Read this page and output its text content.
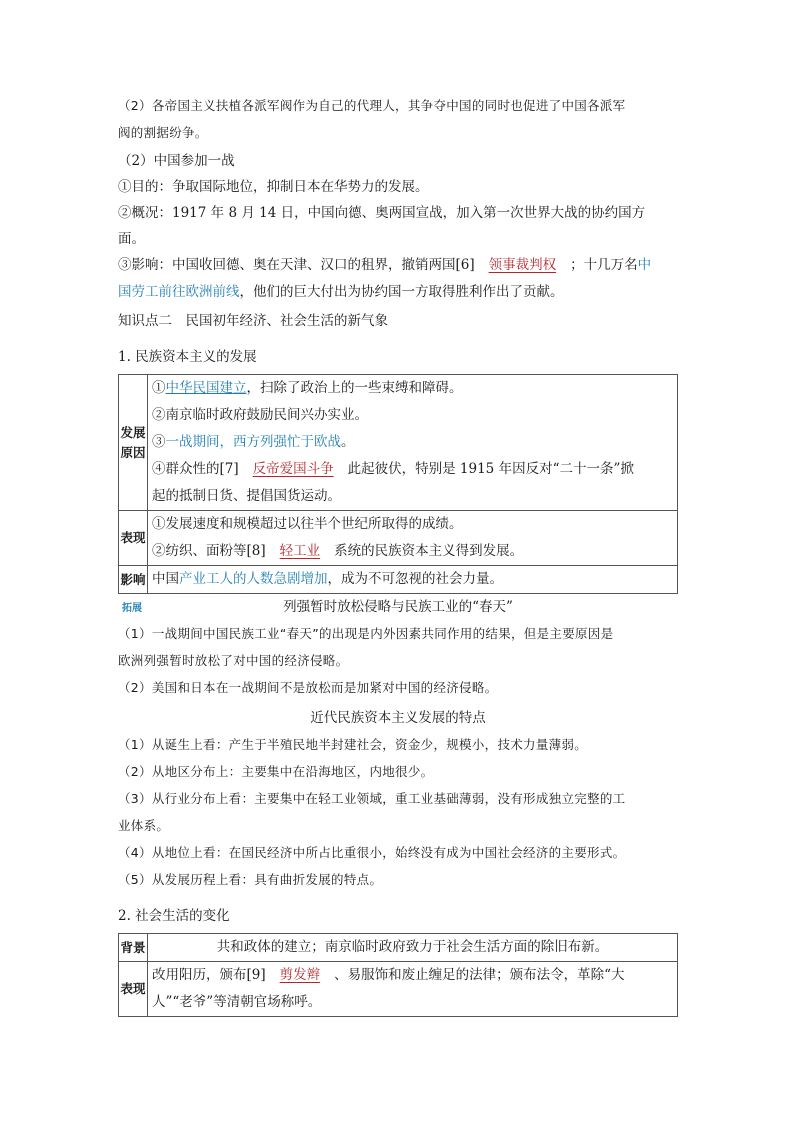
（2）各帝国主义扶植各派军阀作为自己的代理人，其争夺中国的同时也促进了中国各派军

阀的割据纷争。

（2）中国参加一战

①目的：争取国际地位，抑制日本在华势力的发展。

②概况：1917 年 8 月 14 日，中国向德、奥两国宣战，加入第一次世界大战的协约国方

面。

③影响：中国收回德、奥在天津、汉口的租界，撤销两国[6] 领事裁判权 ；十几万名中
国劳工前往欧洲前线，他们的巨大付出为协约国一方取得胜利作出了贡献。

知识点二　民国初年经济、社会生活的新气象

1. 民族资本主义的发展

发展原因	①中华民国建立，扫除了政治上的一些束缚和障碍。
②南京临时政府鼓励民间兴办实业。
③一战期间，西方列强忙于欧战。
④群众性的[7] 反帝爱国斗争 此起彼伏，特别是 1915 年因反对“二十一条”掀
起的抵制日货、提倡国货运动。

表现	①发展速度和规模超过以往半个世纪所取得的成绩。
②纺织、面粉等[8] 轻工业 系统的民族资本主义得到发展。

影响	中国产业工人的人数急剧增加，成为不可忽视的社会力量。
拓展	列强暂时放松侵略与民族工业的“春天”

（1）一战期间中国民族工业“春天”的出现是内外因素共同作用的结果，但是主要原因是

欧洲列强暂时放松了对中国的经济侵略。

（2）美国和日本在一战期间不是放松而是加紧对中国的经济侵略。

近代民族资本主义发展的特点

（1）从诞生上看：产生于半殖民地半封建社会，资金少，规模小，技术力量薄弱。

（2）从地区分布上：主要集中在沿海地区，内地很少。

（3）从行业分布上看：主要集中在轻工业领域，重工业基础薄弱，没有形成独立完整的工

业体系。

（4）从地位上看：在国民经济中所占比重很小，始终没有成为中国社会经济的主要形式。

（5）从发展历程上看：具有曲折发展的特点。

2. 社会生活的变化

背景	共和政体的建立；南京临时政府致力于社会生活方面的除旧布新。

表现	改用阳历，颁布[9] 剪发辫 、易服饰和废止缠足的法律；颁布法令，革除“大
人”“老爷”等清朝官场称呼。
